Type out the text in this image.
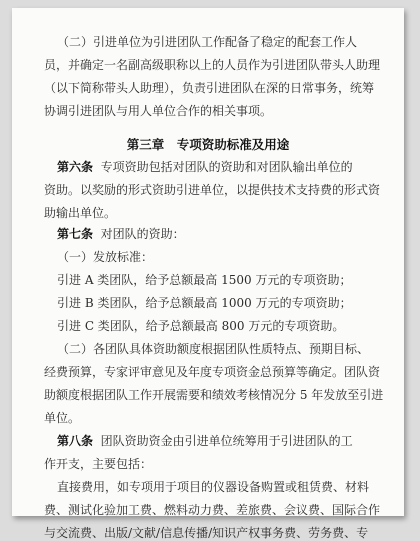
（二）引进单位为引进团队工作配备了稳定的配套工作人
员，并确定一名副高级职称以上的人员作为引进团队带头人助理
（以下简称带头人助理），负责引进团队在深的日常事务，统筹
协调引进团队与用人单位合作的相关事项。
第三章　专项资助标准及用途
第六条 专项资助包括对团队的资助和对团队输出单位的
资助。以奖励的形式资助引进单位，以提供技术支持费的形式资
助输出单位。
第七条 对团队的资助：
（一）发放标准：
引进 A 类团队，给予总额最高 1500 万元的专项资助；
引进 B 类团队，给予总额最高 1000 万元的专项资助；
引进 C 类团队，给予总额最高 800 万元的专项资助。
（二）各团队具体资助额度根据团队性质特点、预期目标、
经费预算，专家评审意见及年度专项资金总预算等确定。团队资
助额度根据团队工作开展需要和绩效考核情况分 5 年发放至引进
单位。
第八条 团队资助资金由引进单位统筹用于引进团队的工
作开支，主要包括：
直接费用，如专项用于项目的仪器设备购置或租赁费、材料
费、测试化验加工费、燃料动力费、差旅费、会议费、国际合作
与交流费、出版/文献/信息传播/知识产权事务费、劳务费、专
